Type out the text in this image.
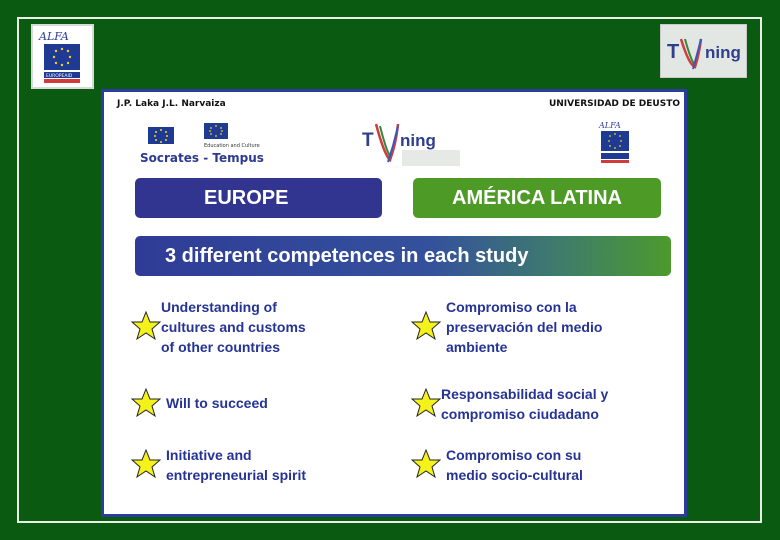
ALFA
EUROPEAID
T ning
J.P. Laka J.L. Narvaiza	UNIVERSIDAD DE DEUSTO
Education and Culture
Socrates - Tempus
T ning
ALFA
EUROPE	AMÉRICA LATINA
3 different competences in each study
Understanding of
cultures and customs
of other countries
Will to succeed
Initiative and
entrepreneurial spirit
Compromiso con la
preservación del medio
ambiente
Responsabilidad social y
compromiso ciudadano
Compromiso con su
medio socio-cultural
